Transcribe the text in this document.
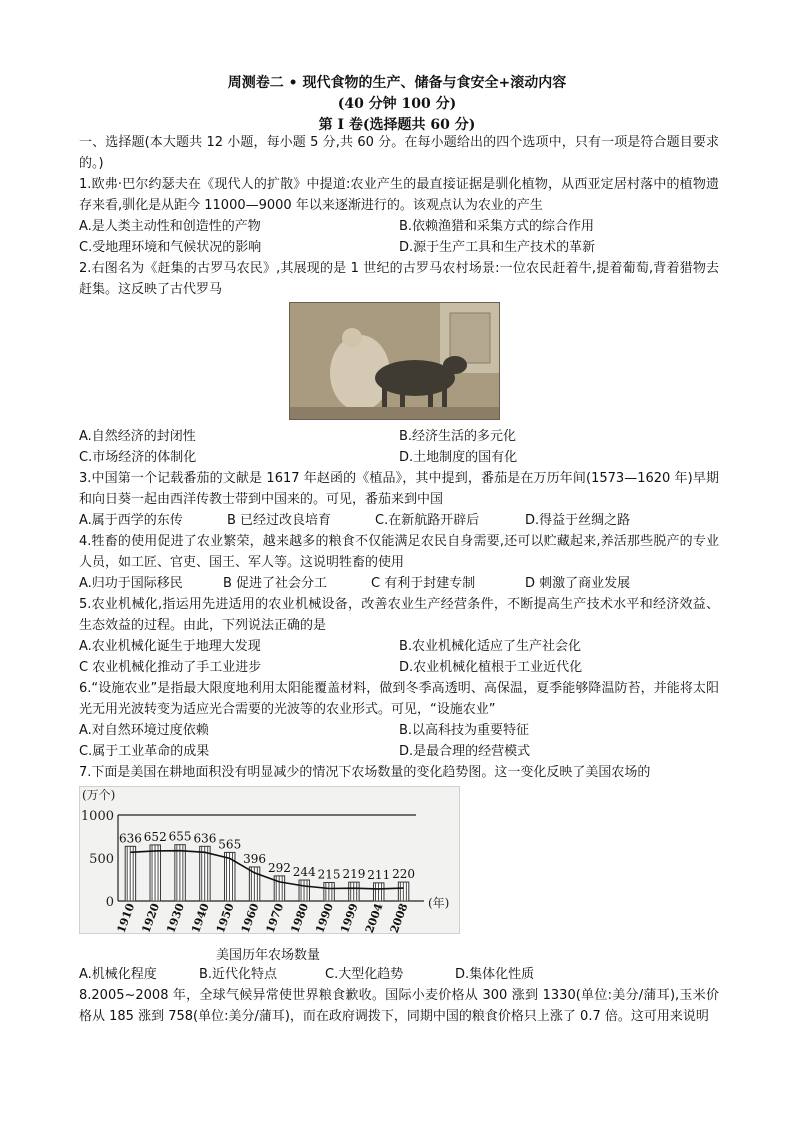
周测卷二 • 现代食物的生产、储备与食安全+滚动内容
(40 分钟 100 分)
第 I 卷(选择题共 60 分)

一、选择题(本大题共 12 小题，每小题 5 分,共 60 分。在每小题给出的四个选项中，只有一项是符合题目要求的。)

1.欧弗·巴尔约瑟夫在《现代人的扩散》中提道:农业产生的最直接证据是驯化植物，从西亚定居村落中的植物遗存来看,驯化是从距今 11000—9000 年以来逐渐进行的。该观点认为农业的产生

A.是人类主动性和创造性的产物	B.依赖渔猎和采集方式的综合作用
C.受地理环境和气候状况的影响	D.源于生产工具和生产技术的革新

2.右图名为《赶集的古罗马农民》,其展现的是 1 世纪的古罗马农村场景:一位农民赶着牛,提着葡萄,背着猎物去赶集。这反映了古代罗马

A.自然经济的封闭性	B.经济生活的多元化
C.市场经济的体制化	D.土地制度的国有化

3.中国第一个记载番茄的文献是 1617 年赵函的《植品》，其中提到，番茄是在万历年间(1573—1620 年)早期和向日葵一起由西洋传教士带到中国来的。可见，番茄来到中国

A.属于西学的东传	B 已经过改良培育	C.在新航路开辟后	D.得益于丝绸之路

4.牲畜的使用促进了农业繁荣，越来越多的粮食不仅能满足农民自身需要,还可以贮藏起来,养活那些脱产的专业人员，如工匠、官吏、国王、军人等。这说明牲畜的使用

A.归功于国际移民	B 促进了社会分工	C 有利于封建专制	D 刺激了商业发展

5.农业机械化,指运用先进适用的农业机械设备，改善农业生产经营条件，不断提高生产技术水平和经济效益、生态效益的过程。由此，下列说法正确的是

A.农业机械化诞生于地理大发现	B.农业机械化适应了生产社会化
C 农业机械化推动了手工业进步	D.农业机械化植根于工业近代化

6.“设施农业”是指最大限度地利用太阳能覆盖材料，做到冬季高透明、高保温，夏季能够降温防苔，并能将太阳光无用光波转变为适应光合需要的光波等的农业形式。可见，“设施农业”

A.对自然环境过度依赖	B.以高科技为重要特征
C.属于工业革命的成果	D.是最合理的经营模式

7.下面是美国在耕地面积没有明显减少的情况下农场数量的变化趋势图。这一变化反映了美国农场的

(万个)
0
500
1000
636
1910
652
1920
655
1930
636
1940
565
1950
396
1960
292
1970
244
1980
215
1990
219
1999
211
2004
220
2008 (年)
美国历年农场数量
A.机械化程度	B.近代化特点	C.大型化趋势	D.集体化性质

8.2005~2008 年，全球气候异常使世界粮食歉收。国际小麦价格从 300 涨到 1330(单位:美分/蒲耳),玉米价格从 185 涨到 758(单位:美分/蒲耳)，而在政府调拨下，同期中国的粮食价格只上涨了 0.7 倍。这可用来说明
